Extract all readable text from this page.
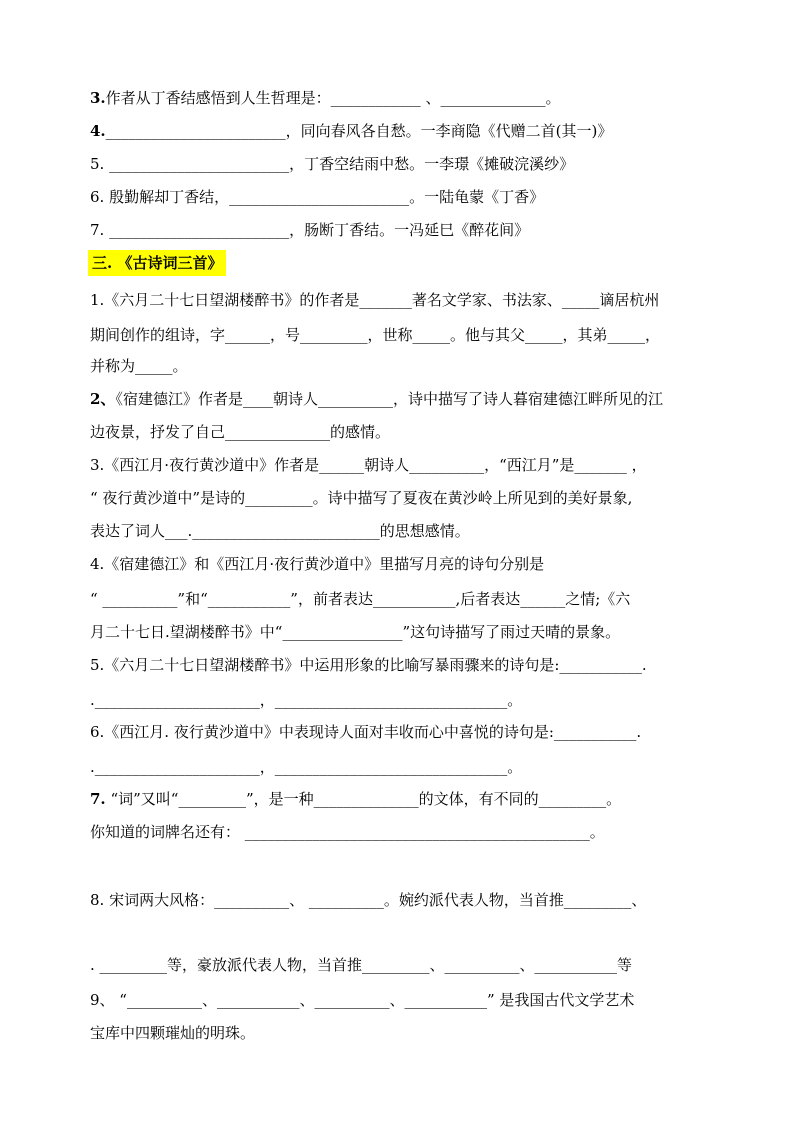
3.作者从丁香结感悟到人生哲理是：____________ 、______________。
4.________________________，同向春风各自愁。一李商隐《代赠二首(其一)》
5. ________________________，丁香空结雨中愁。一李璟《摊破浣溪纱》
6. 殷勤解却丁香结，________________________。一陆龟蒙《丁香》
7. ________________________，肠断丁香结。一冯延巳《醉花间》
三. 《古诗词三首》
1.《六月二十七日望湖楼醉书》的作者是_______著名文学家、书法家、_____谪居杭州
期间创作的组诗，字______，号_________，世称_____。他与其父_____，其弟_____，
并称为_____。
2、《宿建德江》作者是____朝诗人__________，诗中描写了诗人暮宿建德江畔所见的江
边夜景，抒发了自己______________的感情。
3.《西江月·夜行黄沙道中》作者是______朝诗人__________，“西江月”是_______ ，
“ 夜行黄沙道中”是诗的_________。诗中描写了夏夜在黄沙岭上所见到的美好景象,
表达了词人___._________________________的思想感情。
4.《宿建德江》和《西江月·夜行黄沙道中》里描写月亮的诗句分别是
“ __________”和“___________”，前者表达___________,后者表达______之情;《六
月二十七日.望湖楼醉书》中“________________”这句诗描写了雨过天晴的景象。
5.《六月二十七日望湖楼醉书》中运用形象的比喻写暴雨骤来的诗句是:___________.
.______________________，_______________________________。
6.《西江月. 夜行黄沙道中》中表现诗人面对丰收而心中喜悦的诗句是:___________.
.______________________，_______________________________。
7. “词”又叫“_________”，是一种______________的文体，有不同的_________。
你知道的词牌名还有： ______________________________________________。
8. 宋词两大风格：__________、 __________。婉约派代表人物，当首推_________、
. _________等，豪放派代表人物，当首推_________、__________、___________等
9、 “__________、___________、__________、___________” 是我国古代文学艺术
宝库中四颗璀灿的明珠。
